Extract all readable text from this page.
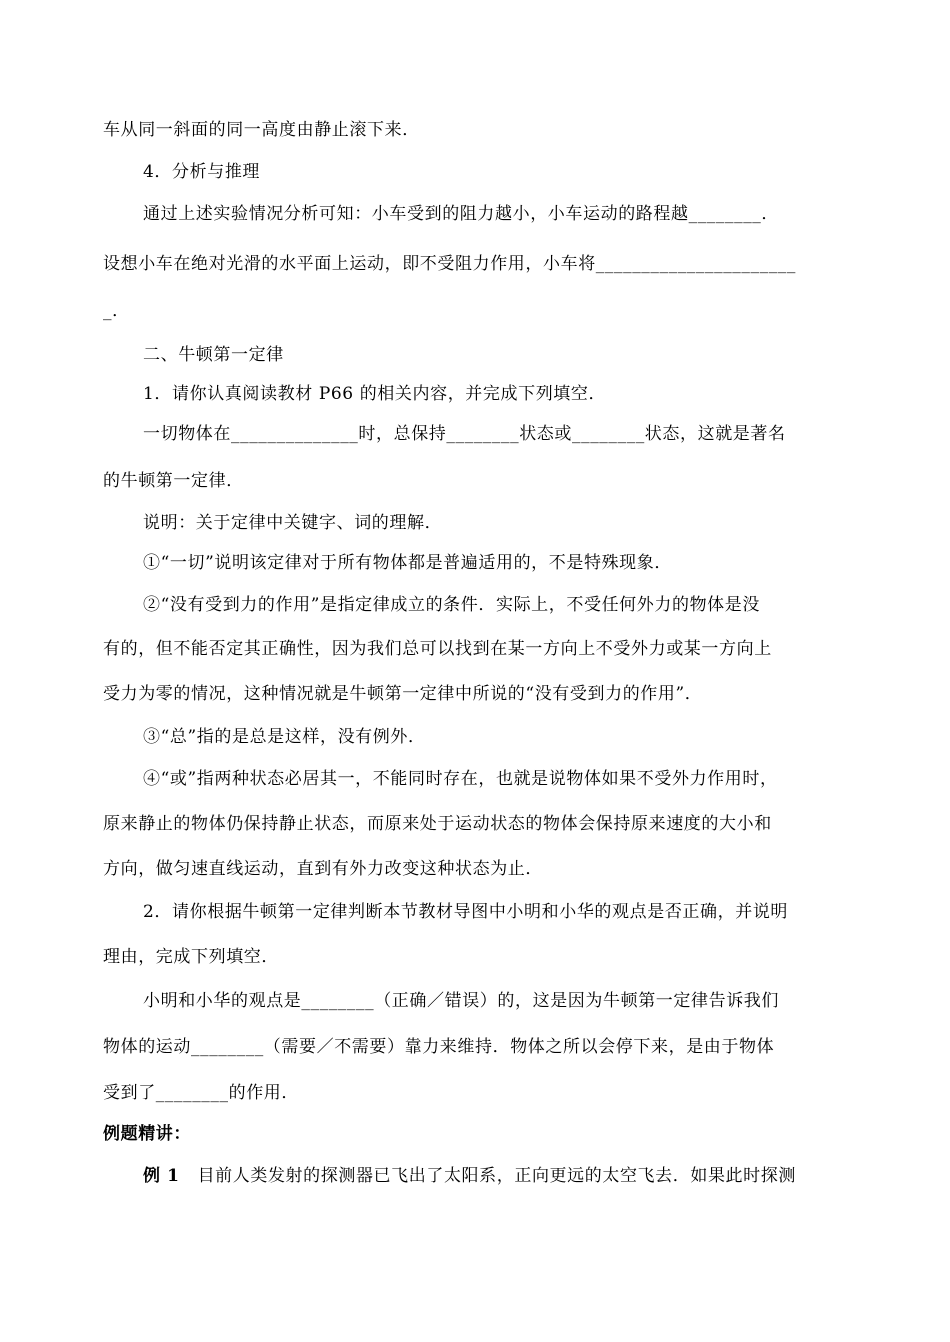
车从同一斜面的同一高度由静止滚下来．
4．分析与推理
通过上述实验情况分析可知：小车受到的阻力越小，小车运动的路程越________．
设想小车在绝对光滑的水平面上运动，即不受阻力作用，小车将______________________
_．
二、牛顿第一定律
1．请你认真阅读教材 P66 的相关内容，并完成下列填空．
一切物体在______________时，总保持________状态或________状态，这就是著名
的牛顿第一定律．
说明：关于定律中关键字、词的理解．
①“一切”说明该定律对于所有物体都是普遍适用的，不是特殊现象．
②“没有受到力的作用”是指定律成立的条件．实际上，不受任何外力的物体是没
有的，但不能否定其正确性，因为我们总可以找到在某一方向上不受外力或某一方向上
受力为零的情况，这种情况就是牛顿第一定律中所说的“没有受到力的作用”．
③“总”指的是总是这样，没有例外．
④“或”指两种状态必居其一，不能同时存在，也就是说物体如果不受外力作用时，
原来静止的物体仍保持静止状态，而原来处于运动状态的物体会保持原来速度的大小和
方向，做匀速直线运动，直到有外力改变这种状态为止．
2．请你根据牛顿第一定律判断本节教材导图中小明和小华的观点是否正确，并说明
理由，完成下列填空．
小明和小华的观点是________（正确／错误）的，这是因为牛顿第一定律告诉我们
物体的运动________（需要／不需要）靠力来维持．物体之所以会停下来，是由于物体
受到了________的作用．
例题精讲：
例 1 目前人类发射的探测器已飞出了太阳系，正向更远的太空飞去．如果此时探测
